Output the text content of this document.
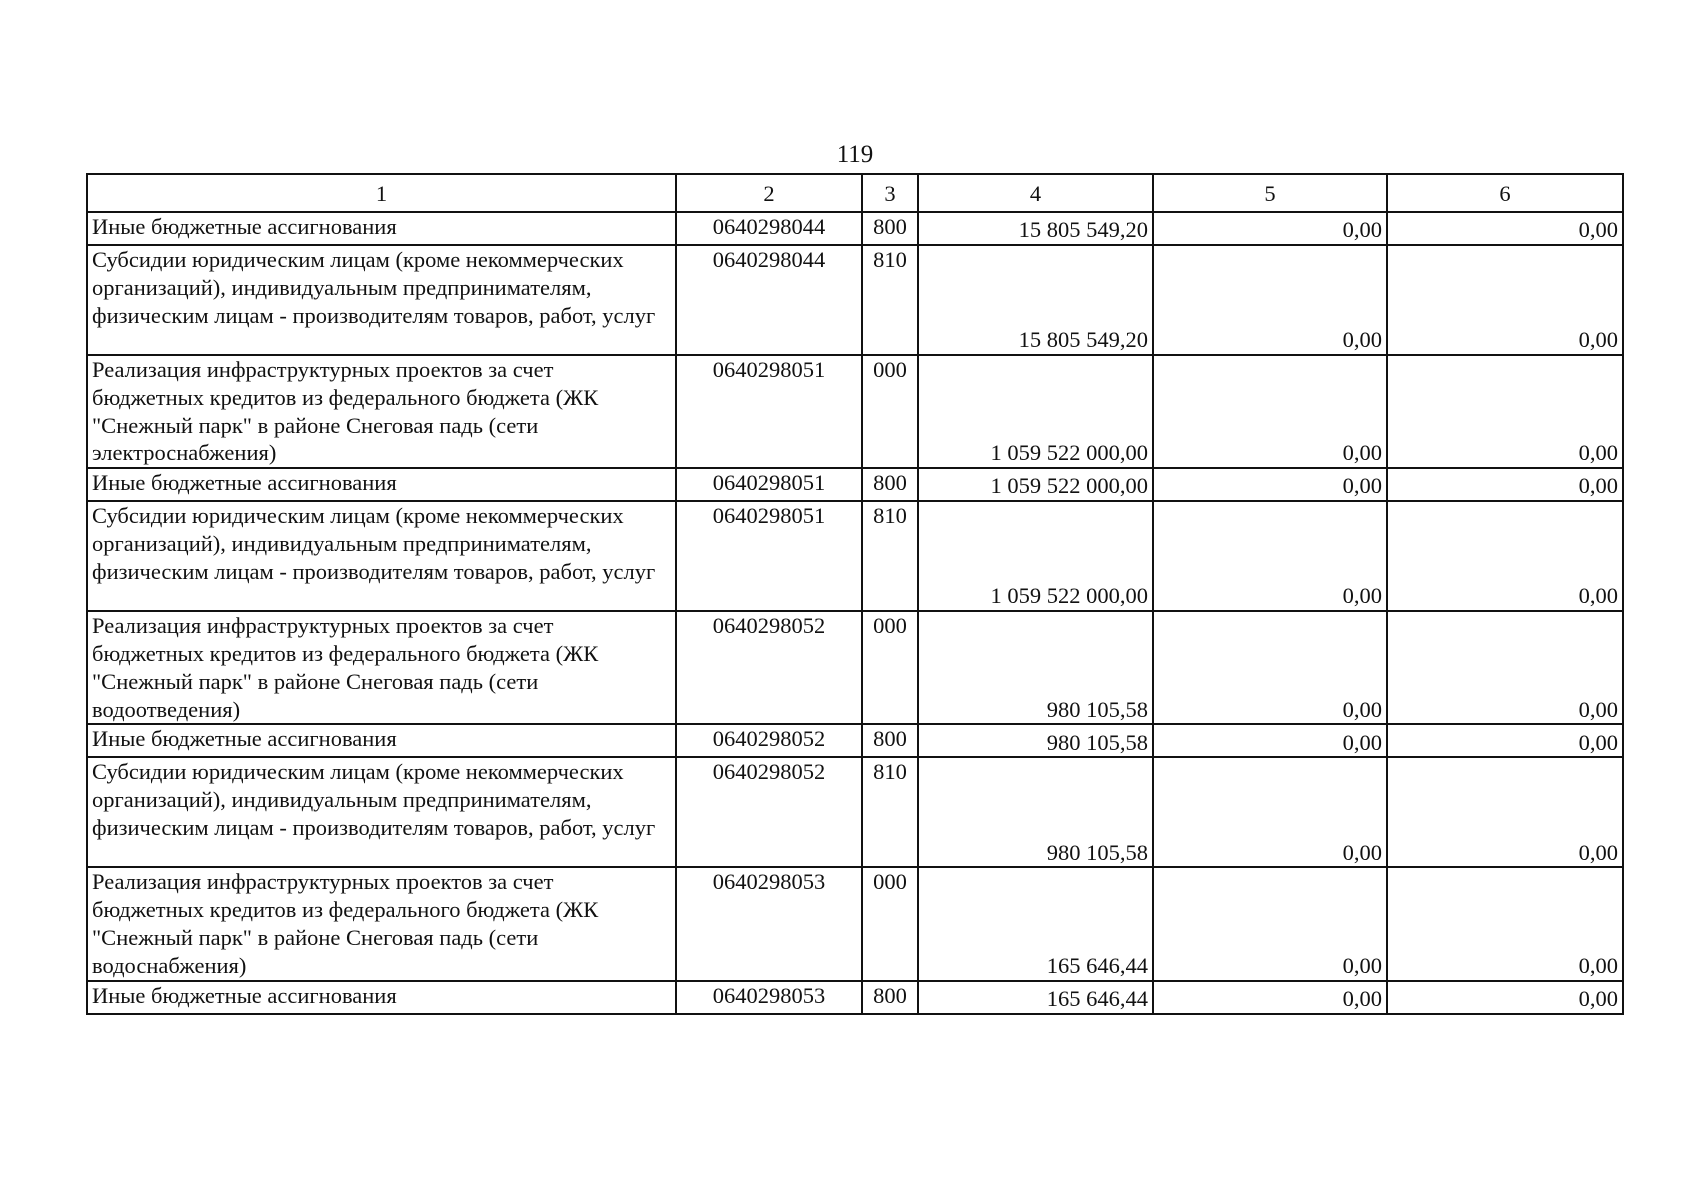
119
1	2	3	4	5	6
Иные бюджетные ассигнования	0640298044	800	15 805 549,20	0,00	0,00
Субсидии юридическим лицам (кроме некоммерческих организаций), индивидуальным предпринимателям, физическим лицам - производителям товаров, работ, услуг	0640298044	810	15 805 549,20	0,00	0,00
Реализация инфраструктурных проектов за счет бюджетных кредитов из федерального бюджета (ЖК "Снежный парк" в районе Снеговая падь (сети электроснабжения)	0640298051	000	1 059 522 000,00	0,00	0,00
Иные бюджетные ассигнования	0640298051	800	1 059 522 000,00	0,00	0,00
Субсидии юридическим лицам (кроме некоммерческих организаций), индивидуальным предпринимателям, физическим лицам - производителям товаров, работ, услуг	0640298051	810	1 059 522 000,00	0,00	0,00
Реализация инфраструктурных проектов за счет бюджетных кредитов из федерального бюджета (ЖК "Снежный парк" в районе Снеговая падь (сети водоотведения)	0640298052	000	980 105,58	0,00	0,00
Иные бюджетные ассигнования	0640298052	800	980 105,58	0,00	0,00
Субсидии юридическим лицам (кроме некоммерческих организаций), индивидуальным предпринимателям, физическим лицам - производителям товаров, работ, услуг	0640298052	810	980 105,58	0,00	0,00
Реализация инфраструктурных проектов за счет бюджетных кредитов из федерального бюджета (ЖК "Снежный парк" в районе Снеговая падь (сети водоснабжения)	0640298053	000	165 646,44	0,00	0,00
Иные бюджетные ассигнования	0640298053	800	165 646,44	0,00	0,00
